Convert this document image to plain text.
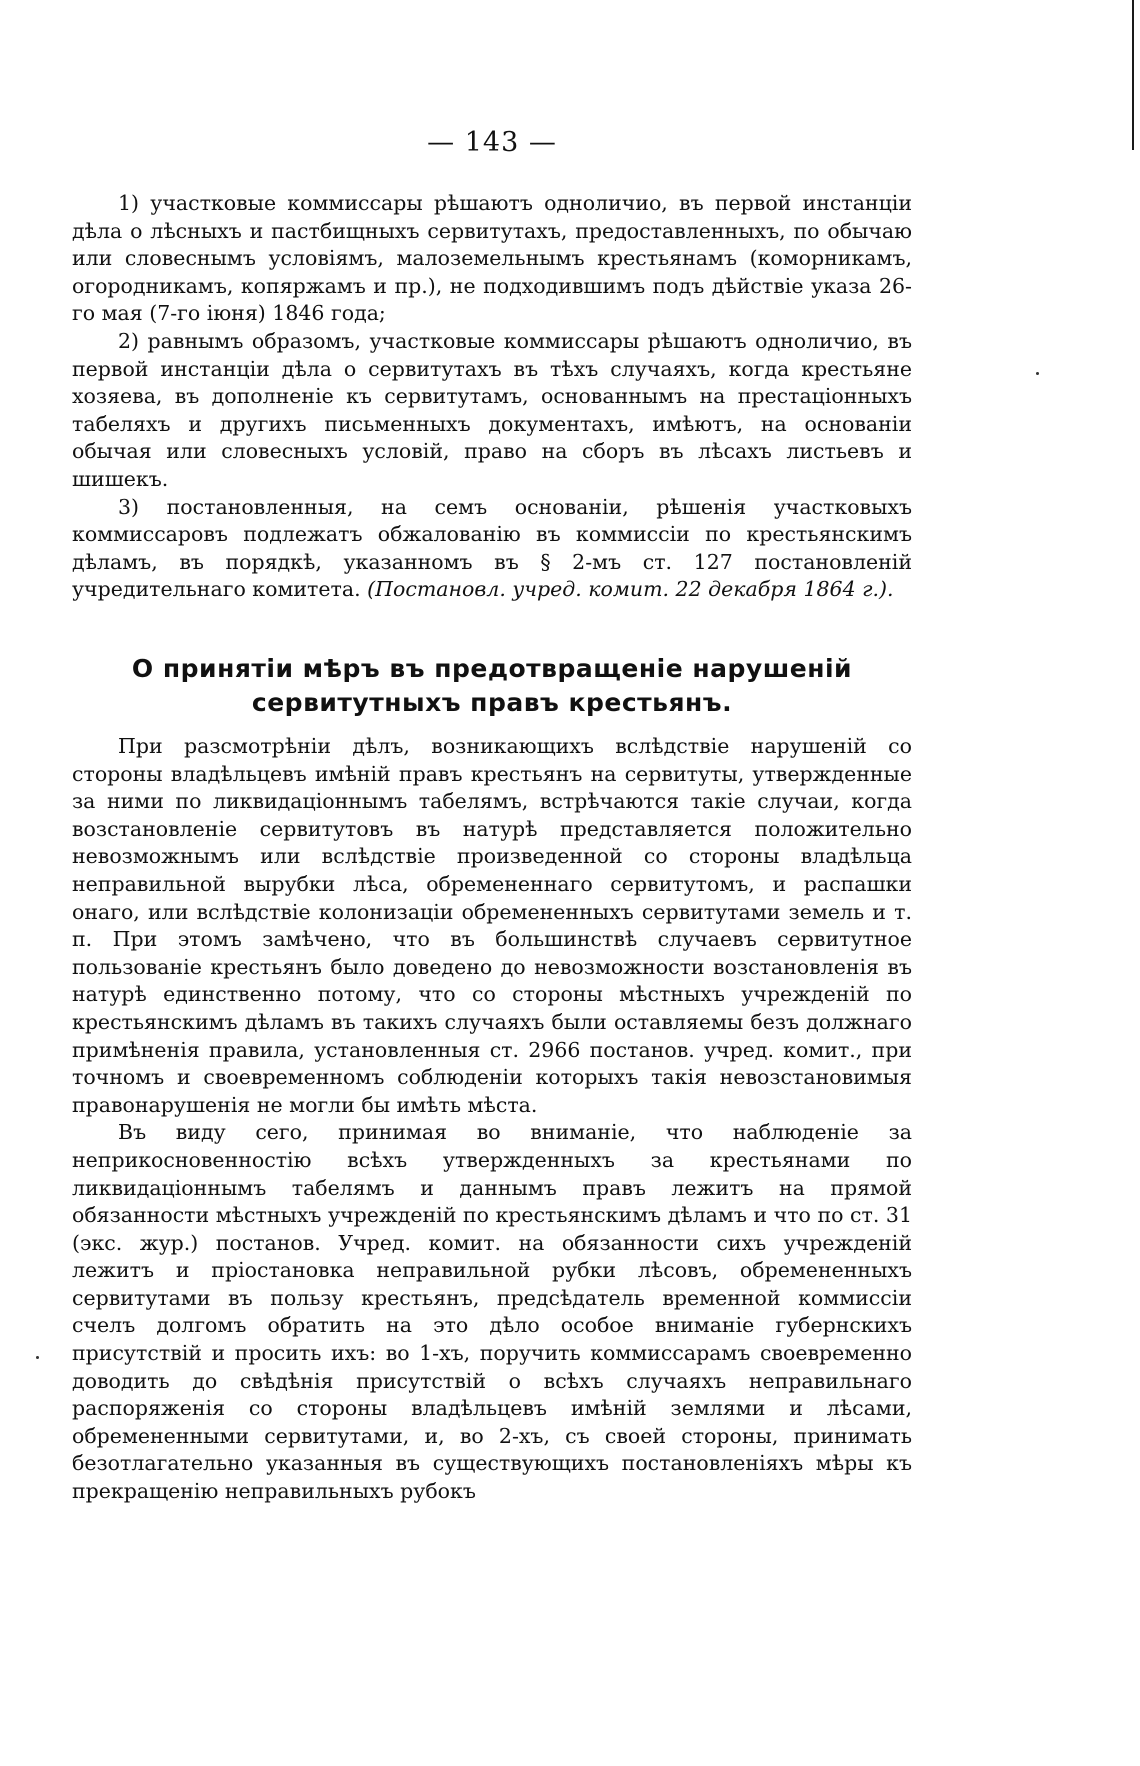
— 143 —

1) участковые коммиссары рѣшаютъ одноличио, въ первой инстанціи дѣла о лѣсныхъ и пастбищныхъ сервитутахъ, предоставленныхъ, по обычаю или словеснымъ условіямъ, малоземельнымъ крестьянамъ (коморникамъ, огородникамъ, копяржамъ и пр.), не подходившимъ подъ дѣйствіе указа 26-го мая (7-го іюня) 1846 года;

2) равнымъ образомъ, участковые коммиссары рѣшаютъ одноличио, въ первой инстанціи дѣла о сервитутахъ въ тѣхъ случаяхъ, когда крестьяне хозяева, въ дополненіе къ сервитутамъ, основаннымъ на престаціонныхъ табеляхъ и другихъ письменныхъ документахъ, имѣютъ, на основаніи обычая или словесныхъ условій, право на сборъ въ лѣсахъ листьевъ и шишекъ.

3) постановленныя, на семъ основаніи, рѣшенія участковыхъ коммиссаровъ подлежатъ обжалованію въ коммиссіи по крестьянскимъ дѣламъ, въ порядкѣ, указанномъ въ § 2-мъ ст. 127 постановленій учредительнаго комитета. (Постановл. учред. комит. 22 декабря 1864 г.).

О принятіи мѣръ въ предотвращеніе нарушеній
сервитутныхъ правъ крестьянъ.

При разсмотрѣніи дѣлъ, возникающихъ вслѣдствіе нарушеній со стороны владѣльцевъ имѣній правъ крестьянъ на сервитуты, утвержденные за ними по ликвидаціоннымъ табелямъ, встрѣчаются такіе случаи, когда возстановленіе сервитутовъ въ натурѣ представляется положительно невозможнымъ или вслѣдствіе произведенной со стороны владѣльца неправильной вырубки лѣса, обремененнаго сервитутомъ, и распашки онаго, или вслѣдствіе колонизаціи обремененныхъ сервитутами земель и т. п. При этомъ замѣчено, что въ большинствѣ случаевъ сервитутное пользованіе крестьянъ было доведено до невозможности возстановленія въ натурѣ единственно потому, что со стороны мѣстныхъ учрежденій по крестьянскимъ дѣламъ въ такихъ случаяхъ были оставляемы безъ должнаго примѣненія правила, установленныя ст. 2966 постанов. учред. комит., при точномъ и своевременномъ соблюденіи которыхъ такія невозстановимыя правонарушенія не могли бы имѣть мѣста.

Въ виду сего, принимая во вниманіе, что наблюденіе за неприкосновенностію всѣхъ утвержденныхъ за крестьянами по ликвидаціоннымъ табелямъ и даннымъ правъ лежитъ на прямой обязанности мѣстныхъ учрежденій по крестьянскимъ дѣламъ и что по ст. 31 (экс. жур.) постанов. Учред. комит. на обязанности сихъ учрежденій лежитъ и пріостановка неправильной рубки лѣсовъ, обремененныхъ сервитутами въ пользу крестьянъ, предсѣдатель временной коммиссіи счелъ долгомъ обратить на это дѣло особое вниманіе губернскихъ присутствій и просить ихъ: во 1-хъ, поручить коммиссарамъ своевременно доводить до свѣдѣнія присутствій о всѣхъ случаяхъ неправильнаго распоряженія со стороны владѣльцевъ имѣній землями и лѣсами, обремененными сервитутами, и, во 2-хъ, съ своей стороны, принимать безотлагательно указанныя въ существующихъ постановленіяхъ мѣры къ прекращенію неправильныхъ рубокъ
